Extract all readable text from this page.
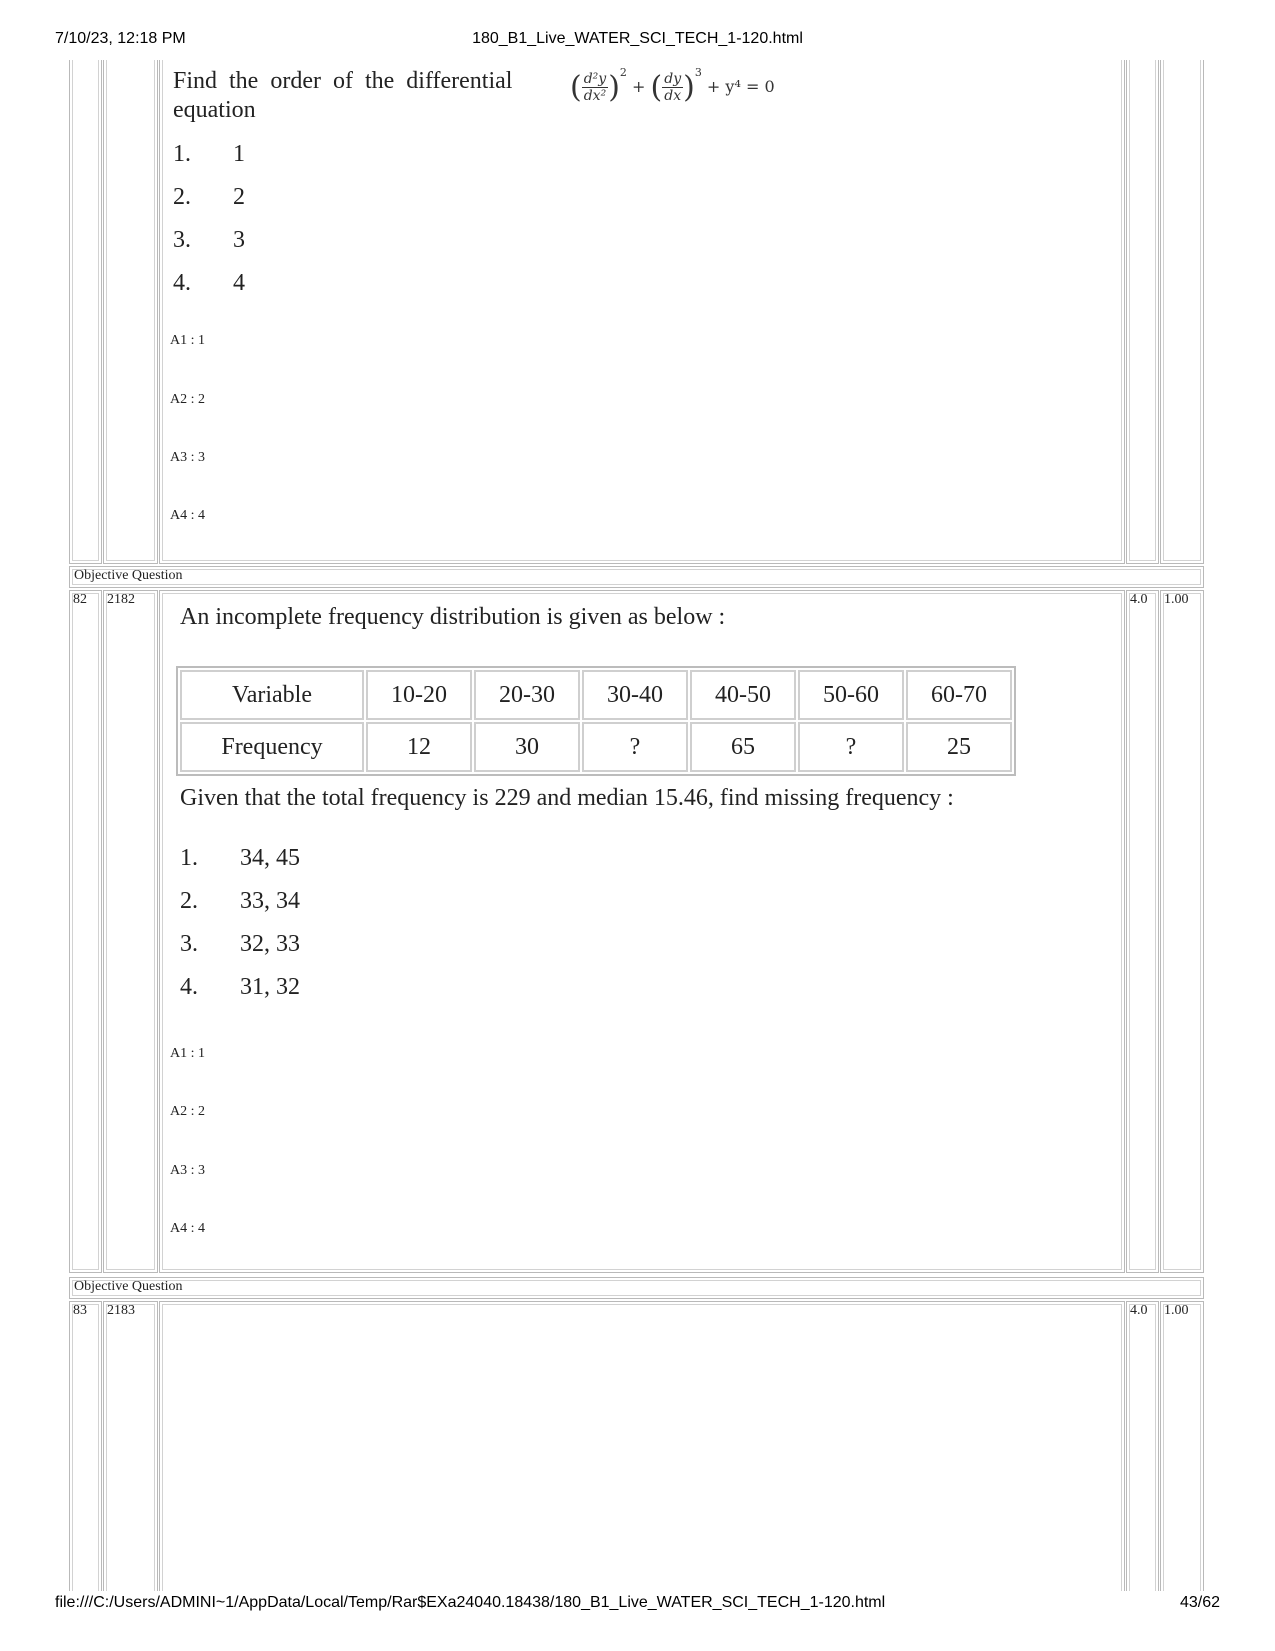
7/10/23, 12:18 PM	180_B1_Live_WATER_SCI_TECH_1-120.html
Find the order of the differential
equation
( $\frac{\text{d²y}}{\text{dx²}} )^2$ + ( $\frac{dy}{dx} )^3 + y^4 = 0$
1. 1
2. 2
3. 3
4. 4
A1 : 1
A2 : 2
A3 : 3
A4 : 4
Objective Question
82 2182	4.0 1.00
An incomplete frequency distribution is given as below :
Variable	10-20	20-30	30-40	40-50	50-60	60-70
Frequency	12	30	?	65	?	25
Given that the total frequency is 229 and median 15.46, find missing frequency :
1. 34, 45
2. 33, 34
3. 32, 33
4. 31, 32
A1 : 1
A2 : 2
A3 : 3
A4 : 4
Objective Question
83 2183	4.0 1.00
file:///C:/Users/ADMINI~1/AppData/Local/Temp/Rar$EXa24040.18438/180_B1_Live_WATER_SCI_TECH_1-120.html	43/62
